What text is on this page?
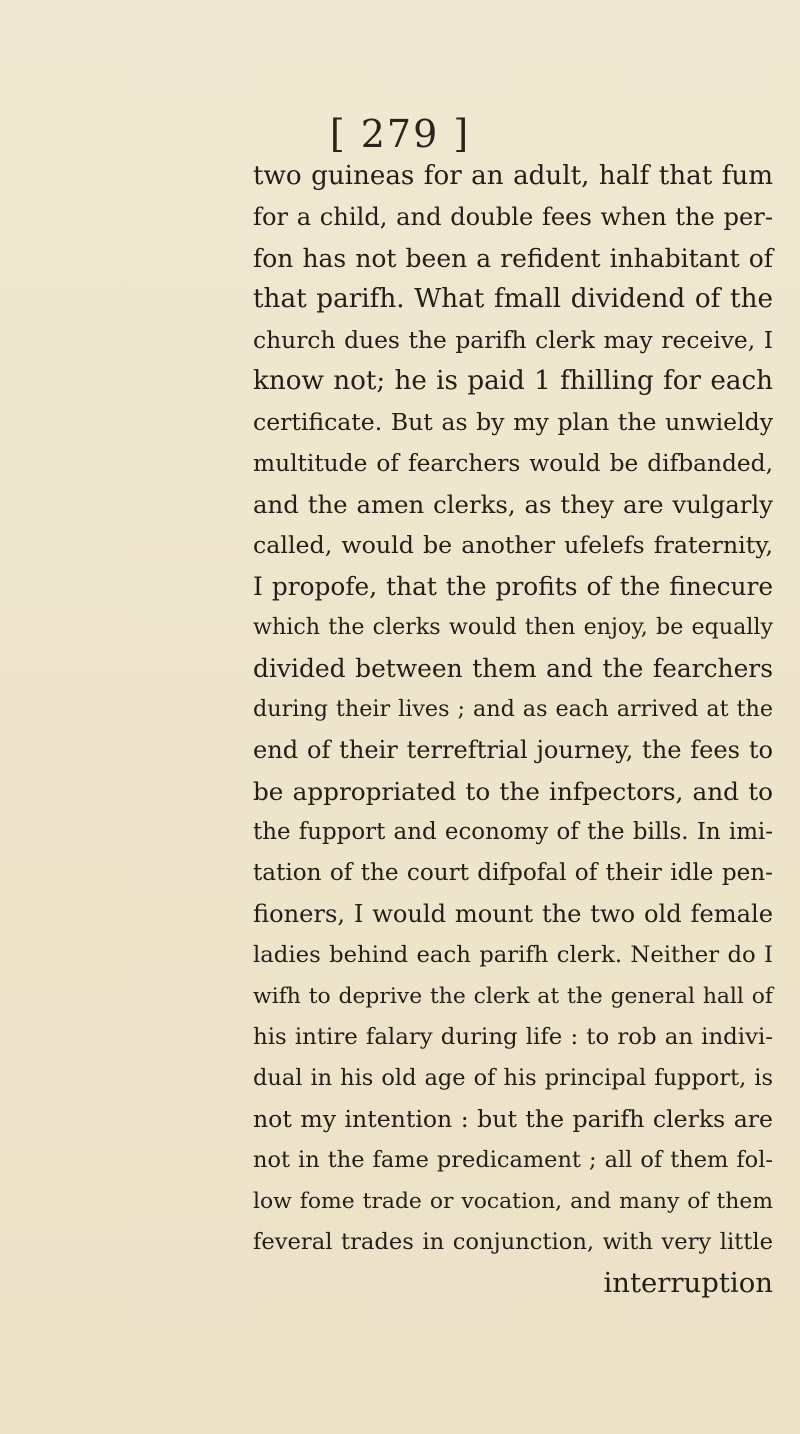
[ 279 ]
two guineas for an adult, half that fum
for a child, and double fees when the per-
fon has not been a refident inhabitant of
that parifh. What fmall dividend of the
church dues the parifh clerk may receive, I
know not; he is paid 1 fhilling for each
certificate. But as by my plan the unwieldy
multitude of fearchers would be difbanded,
and the amen clerks, as they are vulgarly
called, would be another ufelefs fraternity,
I propofe, that the profits of the finecure
which the clerks would then enjoy, be equally
divided between them and the fearchers
during their lives ; and as each arrived at the
end of their terreftrial journey, the fees to
be appropriated to the infpectors, and to
the fupport and economy of the bills. In imi-
tation of the court difpofal of their idle pen-
fioners, I would mount the two old female
ladies behind each parifh clerk. Neither do I
wifh to deprive the clerk at the general hall of
his intire falary during life : to rob an indivi-
dual in his old age of his principal fupport, is
not my intention : but the parifh clerks are
not in the fame predicament ; all of them fol-
low fome trade or vocation, and many of them
feveral trades in conjunction, with very little
interruption
